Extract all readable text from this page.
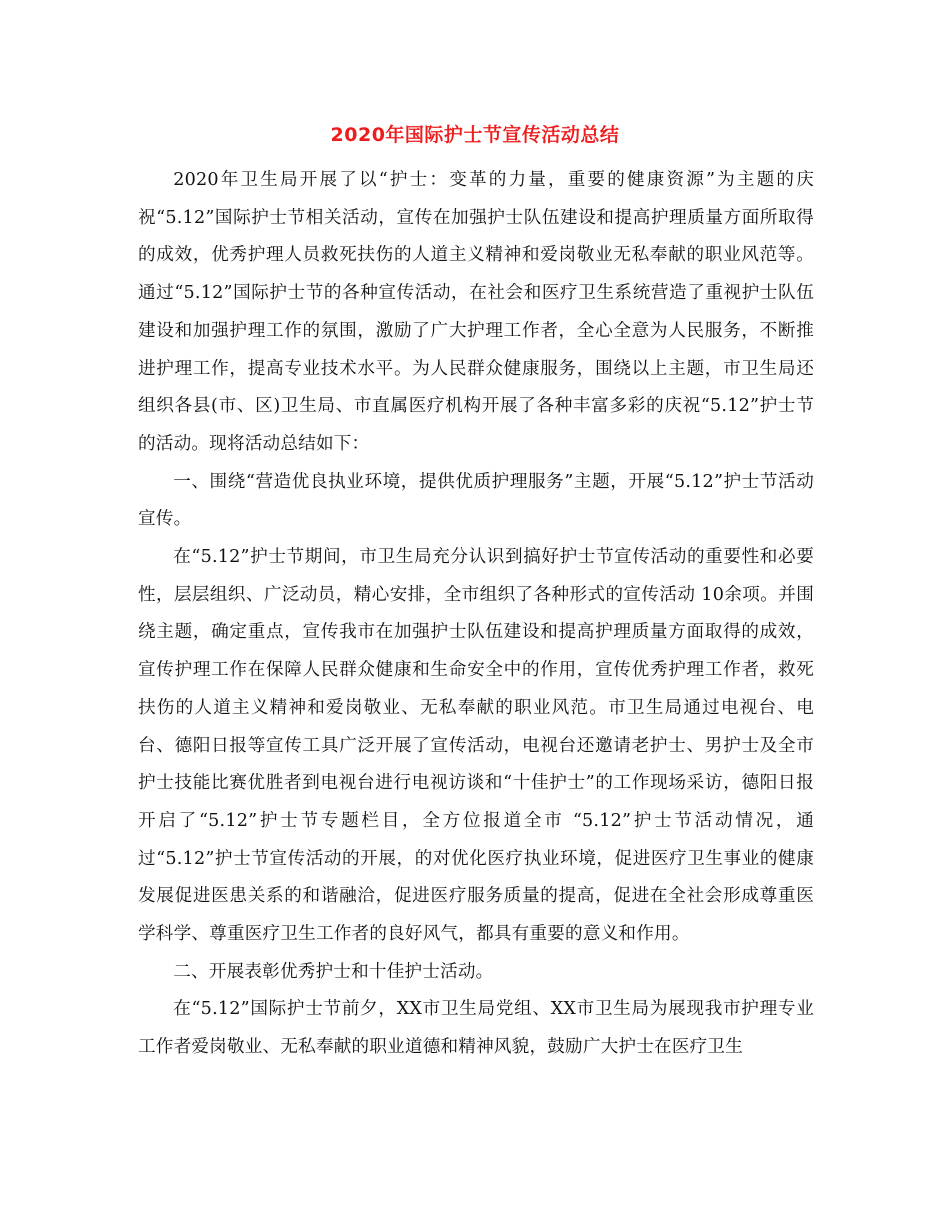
2020年国际护士节宣传活动总结

2020年卫生局开展了以“护士：变革的力量，重要的健康资源”为主题的庆祝“5.12”国际护士节相关活动，宣传在加强护士队伍建设和提高护理质量方面所取得的成效，优秀护理人员救死扶伤的人道主义精神和爱岗敬业无私奉献的职业风范等。通过“5.12”国际护士节的各种宣传活动，在社会和医疗卫生系统营造了重视护士队伍建设和加强护理工作的氛围，激励了广大护理工作者，全心全意为人民服务，不断推进护理工作，提高专业技术水平。为人民群众健康服务，围绕以上主题，市卫生局还组织各县(市、区)卫生局、市直属医疗机构开展了各种丰富多彩的庆祝“5.12”护士节的活动。现将活动总结如下：

一、围绕“营造优良执业环境，提供优质护理服务”主题，开展“5.12”护士节活动宣传。

在“5.12”护士节期间，市卫生局充分认识到搞好护士节宣传活动的重要性和必要性，层层组织、广泛动员，精心安排，全市组织了各种形式的宣传活动 10余项。并围绕主题，确定重点，宣传我市在加强护士队伍建设和提高护理质量方面取得的成效，宣传护理工作在保障人民群众健康和生命安全中的作用，宣传优秀护理工作者，救死扶伤的人道主义精神和爱岗敬业、无私奉献的职业风范。市卫生局通过电视台、电台、德阳日报等宣传工具广泛开展了宣传活动，电视台还邀请老护士、男护士及全市护士技能比赛优胜者到电视台进行电视访谈和“十佳护士”的工作现场采访，德阳日报开启了“5.12”护士节专题栏目，全方位报道全市 “5.12”护士节活动情况，通过“5.12”护士节宣传活动的开展，的对优化医疗执业环境，促进医疗卫生事业的健康发展促进医患关系的和谐融洽，促进医疗服务质量的提高，促进在全社会形成尊重医学科学、尊重医疗卫生工作者的良好风气，都具有重要的意义和作用。

二、开展表彰优秀护士和十佳护士活动。

在“5.12”国际护士节前夕，XX市卫生局党组、XX市卫生局为展现我市护理专业工作者爱岗敬业、无私奉献的职业道德和精神风貌，鼓励广大护士在医疗卫生
